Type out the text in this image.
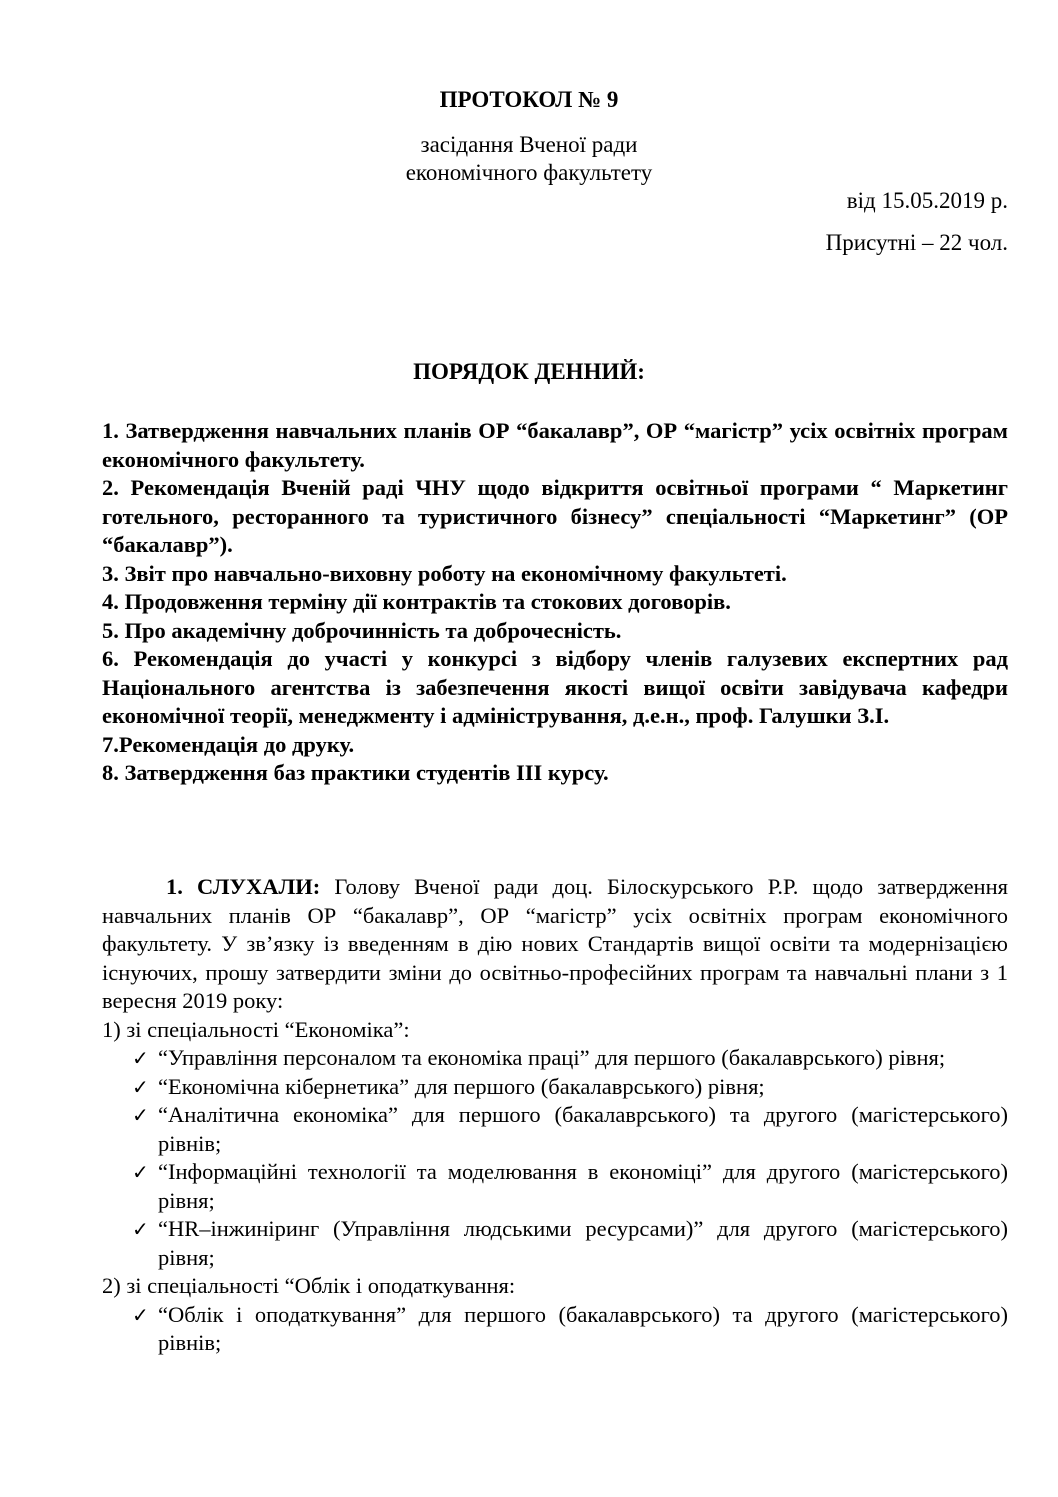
ПРОТОКОЛ № 9
засідання Вченої ради
економічного факультету
від 15.05.2019 р.
Присутні – 22 чол.
ПОРЯДОК ДЕННИЙ:

1. Затвердження навчальних планів ОР “бакалавр”, ОР “магістр” усіх освітніх програм економічного факультету.

2. Рекомендація Вченій раді ЧНУ щодо відкриття освітньої програми “ Маркетинг готельного, ресторанного та туристичного бізнесу” спеціальності “Маркетинг” (ОР “бакалавр”).

3. Звіт про навчально-виховну роботу на економічному факультеті.

4. Продовження терміну дії контрактів та стокових договорів.

5. Про академічну доброчинність та доброчесність.

6. Рекомендація до участі у конкурсі з відбору членів галузевих експертних рад Національного агентства із забезпечення якості вищої освіти завідувача кафедри економічної теорії, менеджменту і адміністрування, д.е.н., проф. Галушки З.І.

7.Рекомендація до друку.

8. Затвердження баз практики студентів ІІІ курсу.

1. СЛУХАЛИ: Голову Вченої ради доц. Білоскурського Р.Р. щодо затвердження навчальних планів ОР “бакалавр”, ОР “магістр” усіх освітніх програм економічного факультету. У зв’язку із введенням в дію нових Стандартів вищої освіти та модернізацією існуючих, прошу затвердити зміни до освітньо-професійних програм та навчальні плани з 1 вересня 2019 року:

1) зі спеціальності “Економіка”:

✓ “Управління персоналом та економіка праці” для першого (бакалаврського) рівня;
✓ “Економічна кібернетика” для першого (бакалаврського) рівня;
✓ “Аналітична економіка” для першого (бакалаврського) та другого (магістерського) рівнів;
✓ “Інформаційні технології та моделювання в економіці” для другого (магістерського) рівня;
✓ “HR–інжиніринг (Управління людськими ресурсами)” для другого (магістерського) рівня;

2) зі спеціальності “Облік і оподаткування:

✓ “Облік і оподаткування” для першого (бакалаврського) та другого (магістерського) рівнів;
